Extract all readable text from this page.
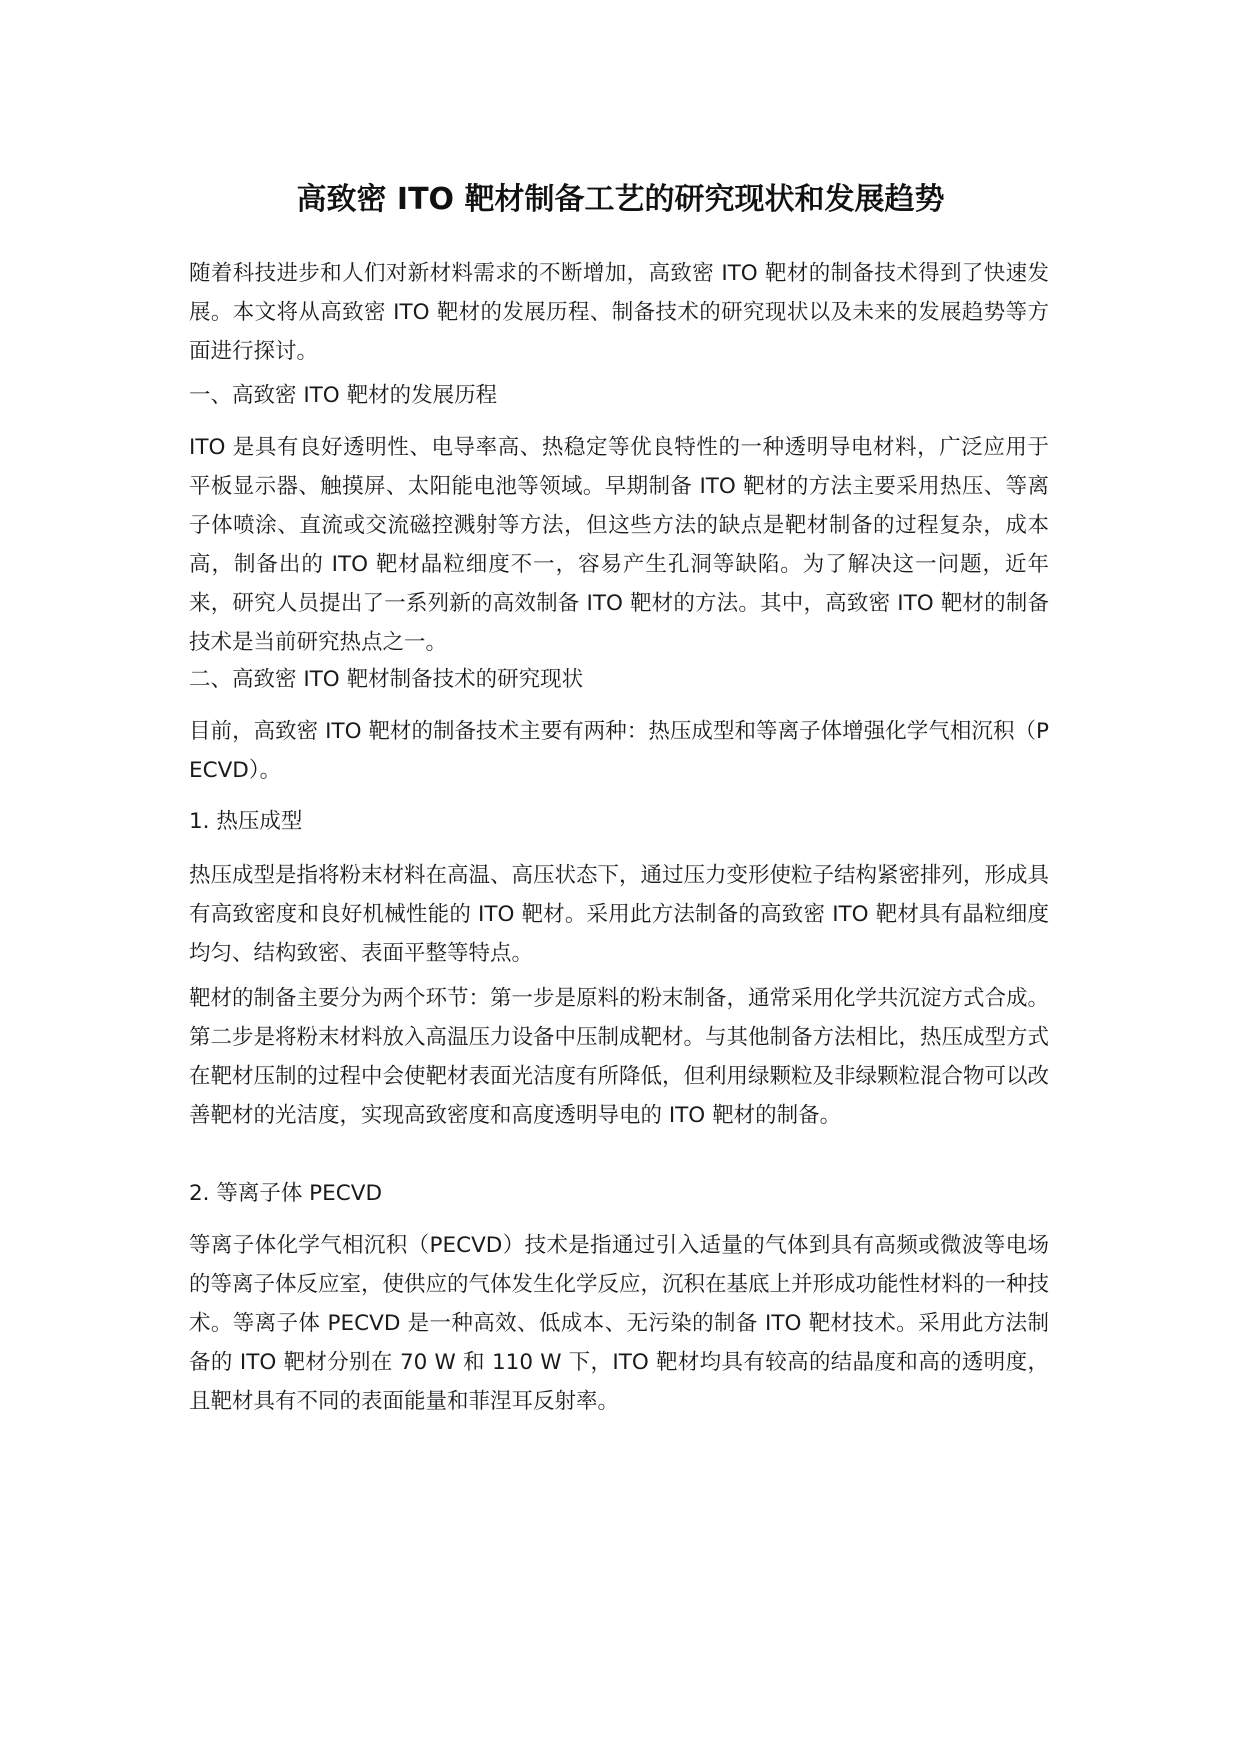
高致密 ITO 靶材制备工艺的研究现状和发展趋势

随着科技进步和人们对新材料需求的不断增加，高致密 ITO 靶材的制备技术得到了快速发展。本文将从高致密 ITO 靶材的发展历程、制备技术的研究现状以及未来的发展趋势等方面进行探讨。

一、高致密 ITO 靶材的发展历程

ITO 是具有良好透明性、电导率高、热稳定等优良特性的一种透明导电材料，广泛应用于平板显示器、触摸屏、太阳能电池等领域。早期制备 ITO 靶材的方法主要采用热压、等离子体喷涂、直流或交流磁控溅射等方法，但这些方法的缺点是靶材制备的过程复杂，成本高，制备出的 ITO 靶材晶粒细度不一，容易产生孔洞等缺陷。为了解决这一问题，近年来，研究人员提出了一系列新的高效制备 ITO 靶材的方法。其中，高致密 ITO 靶材的制备技术是当前研究热点之一。

二、高致密 ITO 靶材制备技术的研究现状

目前，高致密 ITO 靶材的制备技术主要有两种：热压成型和等离子体增强化学气相沉积（PECVD）。

1. 热压成型

热压成型是指将粉末材料在高温、高压状态下，通过压力变形使粒子结构紧密排列，形成具有高致密度和良好机械性能的 ITO 靶材。采用此方法制备的高致密 ITO 靶材具有晶粒细度均匀、结构致密、表面平整等特点。

靶材的制备主要分为两个环节：第一步是原料的粉末制备，通常采用化学共沉淀方式合成。第二步是将粉末材料放入高温压力设备中压制成靶材。与其他制备方法相比，热压成型方式在靶材压制的过程中会使靶材表面光洁度有所降低，但利用绿颗粒及非绿颗粒混合物可以改善靶材的光洁度，实现高致密度和高度透明导电的 ITO 靶材的制备。

2. 等离子体 PECVD

等离子体化学气相沉积（PECVD）技术是指通过引入适量的气体到具有高频或微波等电场的等离子体反应室，使供应的气体发生化学反应，沉积在基底上并形成功能性材料的一种技术。等离子体 PECVD 是一种高效、低成本、无污染的制备 ITO 靶材技术。采用此方法制备的 ITO 靶材分别在 70 W 和 110 W 下，ITO 靶材均具有较高的结晶度和高的透明度，且靶材具有不同的表面能量和菲涅耳反射率。
